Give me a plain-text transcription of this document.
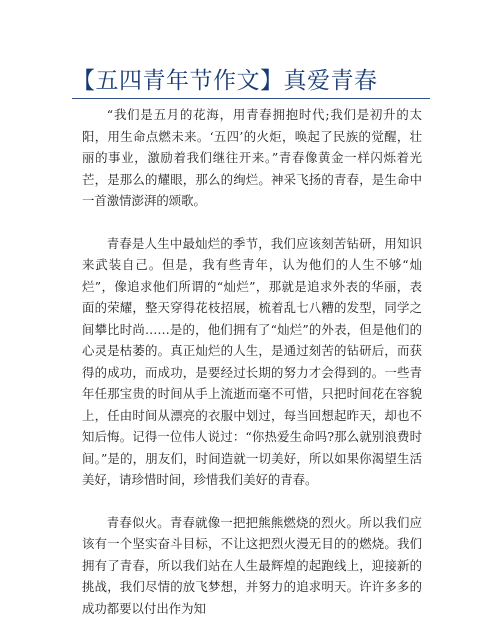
【五四青年节作文】真爱青春

“我们是五月的花海，用青春拥抱时代;我们是初升的太阳，用生命点燃未来。‘五四’的火炬，唤起了民族的觉醒，壮丽的事业，激励着我们继往开来。”青春像黄金一样闪烁着光芒，是那么的耀眼，那么的绚烂。神采飞扬的青春，是生命中一首激情澎湃的颂歌。

青春是人生中最灿烂的季节，我们应该刻苦钻研，用知识来武装自己。但是，我有些青年，认为他们的人生不够“灿烂”，像追求他们所谓的“灿烂”，那就是追求外表的华丽，表面的荣耀，整天穿得花枝招展，梳着乱七八糟的发型，同学之间攀比时尚……是的，他们拥有了“灿烂”的外表，但是他们的心灵是枯萎的。真正灿烂的人生，是通过刻苦的钻研后，而获得的成功，而成功，是要经过长期的努力才会得到的。一些青年任那宝贵的时间从手上流逝而毫不可惜，只把时间花在容貌上，任由时间从漂亮的衣服中划过，每当回想起昨天，却也不知后悔。记得一位伟人说过：“你热爱生命吗?那么就别浪费时间。”是的，朋友们，时间造就一切美好，所以如果你渴望生活美好，请珍惜时间，珍惜我们美好的青春。

青春似火。青春就像一把把熊熊燃烧的烈火。所以我们应该有一个坚实奋斗目标，不让这把烈火漫无目的的燃烧。我们拥有了青春，所以我们站在人生最辉煌的起跑线上，迎接新的挑战，我们尽情的放飞梦想，并努力的追求明天。许许多多的成功都要以付出作为知
